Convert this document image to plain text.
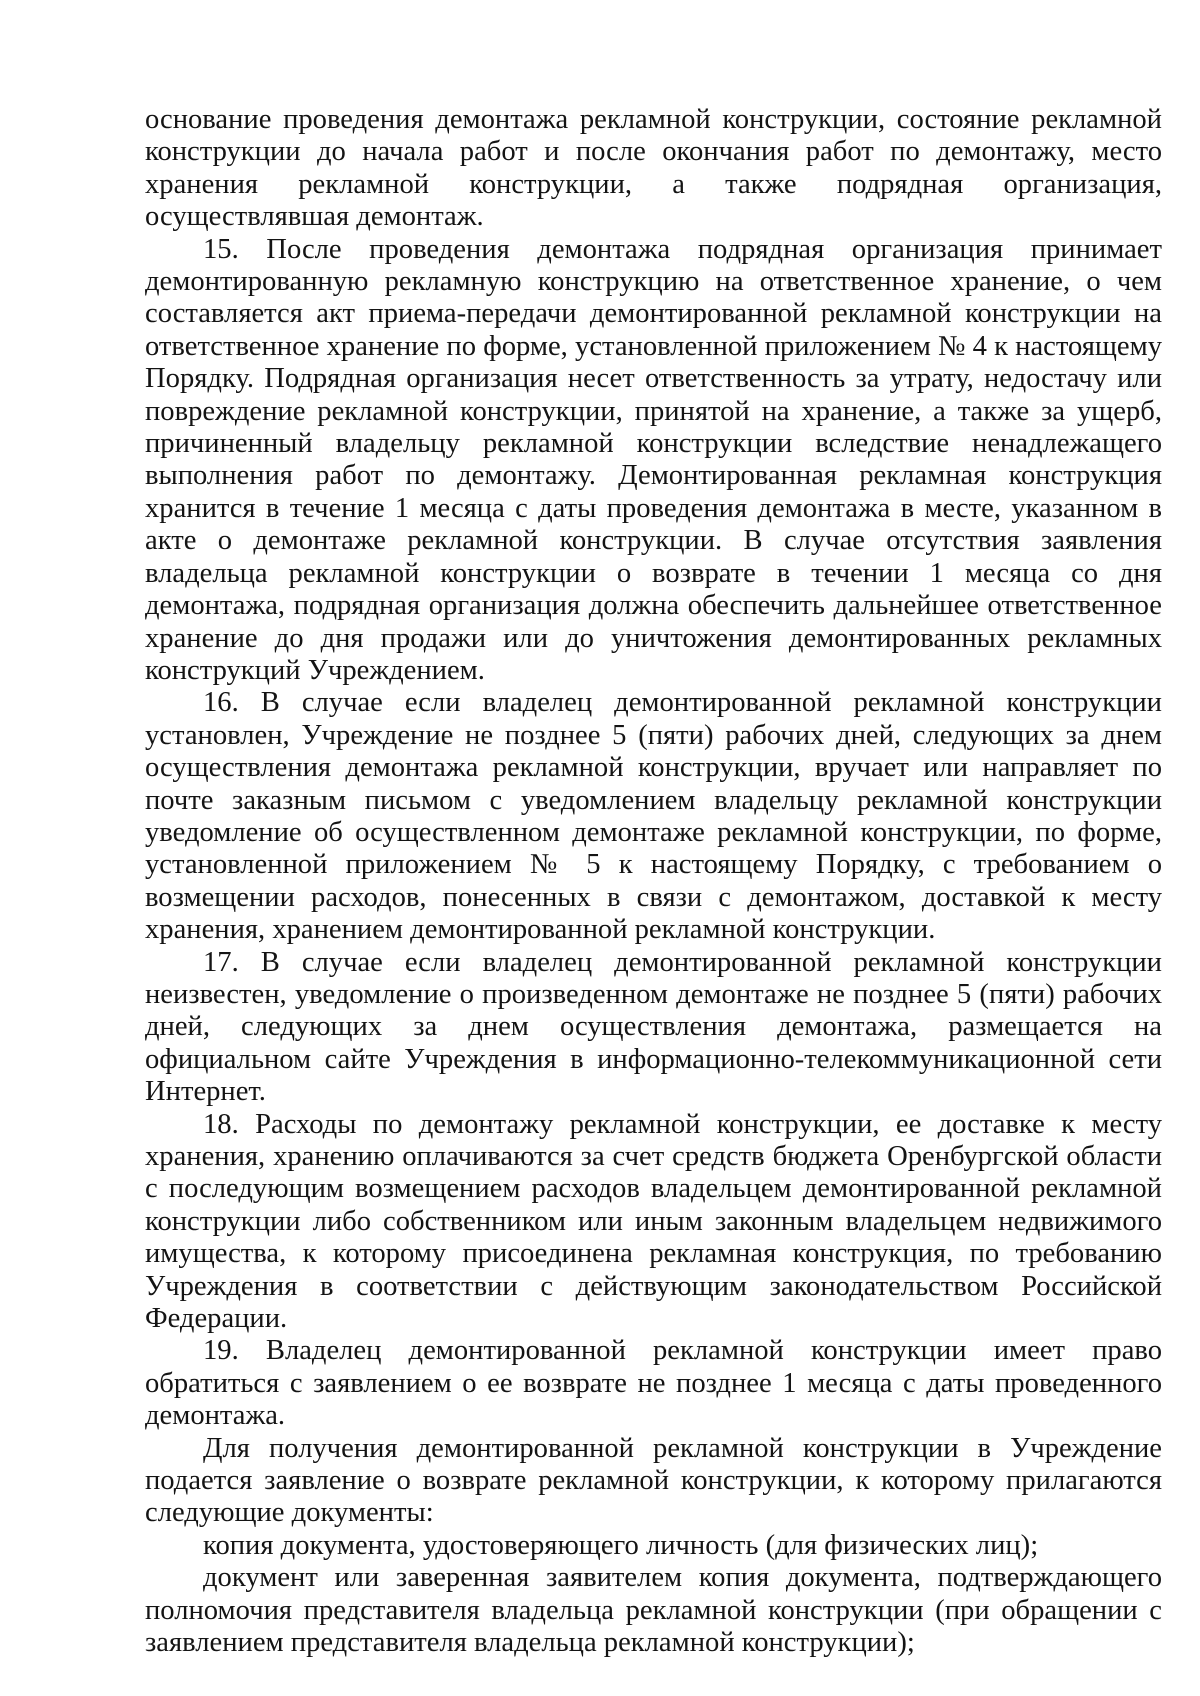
основание проведения демонтажа рекламной конструкции, состояние рекламной конструкции до начала работ и после окончания работ по демонтажу, место хранения рекламной конструкции, а также подрядная организация, осуществлявшая демонтаж.

15. После проведения демонтажа подрядная организация принимает демонтированную рекламную конструкцию на ответственное хранение, о чем составляется акт приема-передачи демонтированной рекламной конструкции на ответственное хранение по форме, установленной приложением № 4 к настоящему Порядку. Подрядная организация несет ответственность за утрату, недостачу или повреждение рекламной конструкции, принятой на хранение, а также за ущерб, причиненный владельцу рекламной конструкции вследствие ненадлежащего выполнения работ по демонтажу. Демонтированная рекламная конструкция хранится в течение 1 месяца с даты проведения демонтажа в месте, указанном в акте о демонтаже рекламной конструкции. В случае отсутствия заявления владельца рекламной конструкции о возврате в течении 1 месяца со дня демонтажа, подрядная организация должна обеспечить дальнейшее ответственное хранение до дня продажи или до уничтожения демонтированных рекламных конструкций Учреждением.

16. В случае если владелец демонтированной рекламной конструкции установлен, Учреждение не позднее 5 (пяти) рабочих дней, следующих за днем осуществления демонтажа рекламной конструкции, вручает или направляет по почте заказным письмом с уведомлением владельцу рекламной конструкции уведомление об осуществленном демонтаже рекламной конструкции, по форме, установленной приложением № 5 к настоящему Порядку, с требованием о возмещении расходов, понесенных в связи с демонтажом, доставкой к месту хранения, хранением демонтированной рекламной конструкции.

17. В случае если владелец демонтированной рекламной конструкции неизвестен, уведомление о произведенном демонтаже не позднее 5 (пяти) рабочих дней, следующих за днем осуществления демонтажа, размещается на официальном сайте Учреждения в информационно-телекоммуникационной сети Интернет.

18. Расходы по демонтажу рекламной конструкции, ее доставке к месту хранения, хранению оплачиваются за счет средств бюджета Оренбургской области с последующим возмещением расходов владельцем демонтированной рекламной конструкции либо собственником или иным законным владельцем недвижимого имущества, к которому присоединена рекламная конструкция, по требованию Учреждения в соответствии с действующим законодательством Российской Федерации.

19. Владелец демонтированной рекламной конструкции имеет право обратиться с заявлением о ее возврате не позднее 1 месяца с даты проведенного демонтажа.

Для получения демонтированной рекламной конструкции в Учреждение подается заявление о возврате рекламной конструкции, к которому прилагаются следующие документы:

копия документа, удостоверяющего личность (для физических лиц);

документ или заверенная заявителем копия документа, подтверждающего полномочия представителя владельца рекламной конструкции (при обращении с заявлением представителя владельца рекламной конструкции);
